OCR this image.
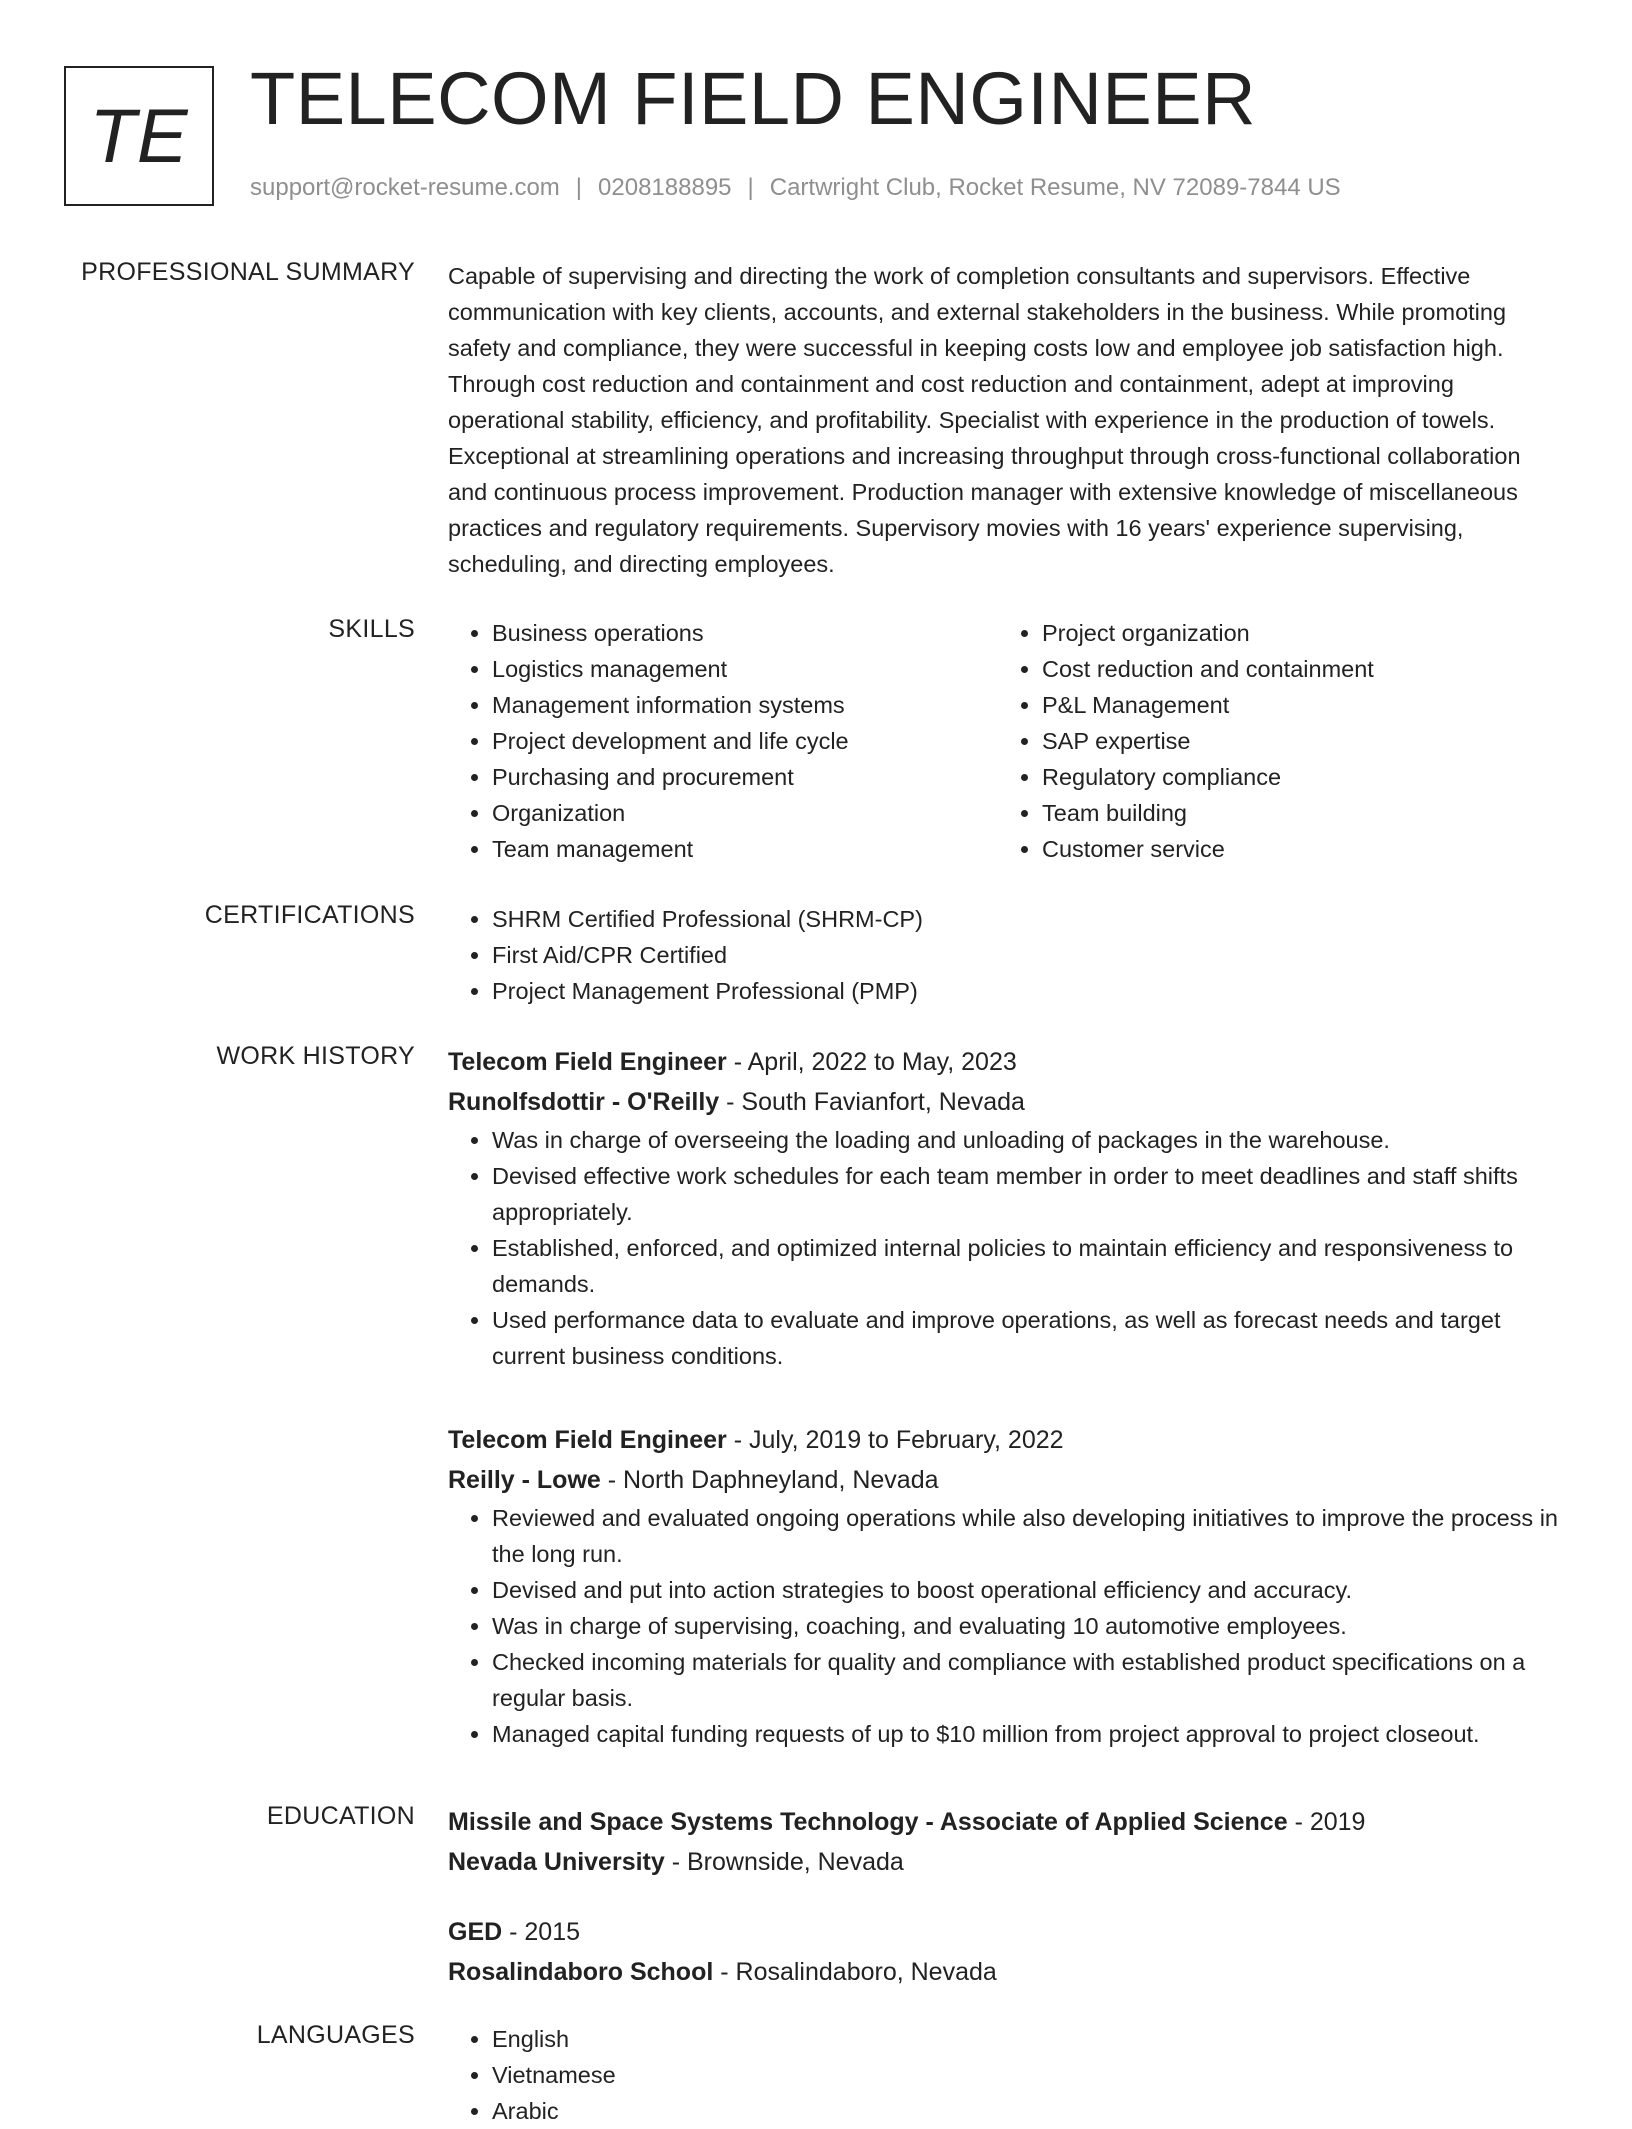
TE TELECOM FIELD ENGINEER
support@rocket-resume.com | 0208188895 | Cartwright Club, Rocket Resume, NV 72089-7844 US
PROFESSIONAL SUMMARY Capable of supervising and directing the work of completion consultants and supervisors. Effective communication with key clients, accounts, and external stakeholders in the business. While promoting safety and compliance, they were successful in keeping costs low and employee job satisfaction high. Through cost reduction and containment and cost reduction and containment, adept at improving operational stability, efficiency, and profitability. Specialist with experience in the production of towels. Exceptional at streamlining operations and increasing throughput through cross-functional collaboration and continuous process improvement. Production manager with extensive knowledge of miscellaneous practices and regulatory requirements. Supervisory movies with 16 years' experience supervising, scheduling, and directing employees.
SKILLS	• Business operations
• Logistics management
• Management information systems
• Project development and life cycle
• Purchasing and procurement
• Organization
• Team management
• Project organization
• Cost reduction and containment
• P&L Management
• SAP expertise
• Regulatory compliance
• Team building
• Customer service
CERTIFICATIONS	• SHRM Certified Professional (SHRM-CP)
• First Aid/CPR Certified
• Project Management Professional (PMP)
WORK HISTORY Telecom Field Engineer - April, 2022 to May, 2023
Runolfsdottir - O'Reilly - South Favianfort, Nevada
• Was in charge of overseeing the loading and unloading of packages in the warehouse.
• Devised effective work schedules for each team member in order to meet deadlines and staff shifts appropriately.
• Established, enforced, and optimized internal policies to maintain efficiency and responsiveness to demands.
• Used performance data to evaluate and improve operations, as well as forecast needs and target current business conditions.
Telecom Field Engineer - July, 2019 to February, 2022
Reilly - Lowe - North Daphneyland, Nevada
• Reviewed and evaluated ongoing operations while also developing initiatives to improve the process in the long run.
• Devised and put into action strategies to boost operational efficiency and accuracy.
• Was in charge of supervising, coaching, and evaluating 10 automotive employees.
• Checked incoming materials for quality and compliance with established product specifications on a regular basis.
• Managed capital funding requests of up to $10 million from project approval to project closeout.
EDUCATION Missile and Space Systems Technology - Associate of Applied Science - 2019
Nevada University - Brownside, Nevada
GED - 2015
Rosalindaboro School - Rosalindaboro, Nevada
LANGUAGES	• English
• Vietnamese
• Arabic
